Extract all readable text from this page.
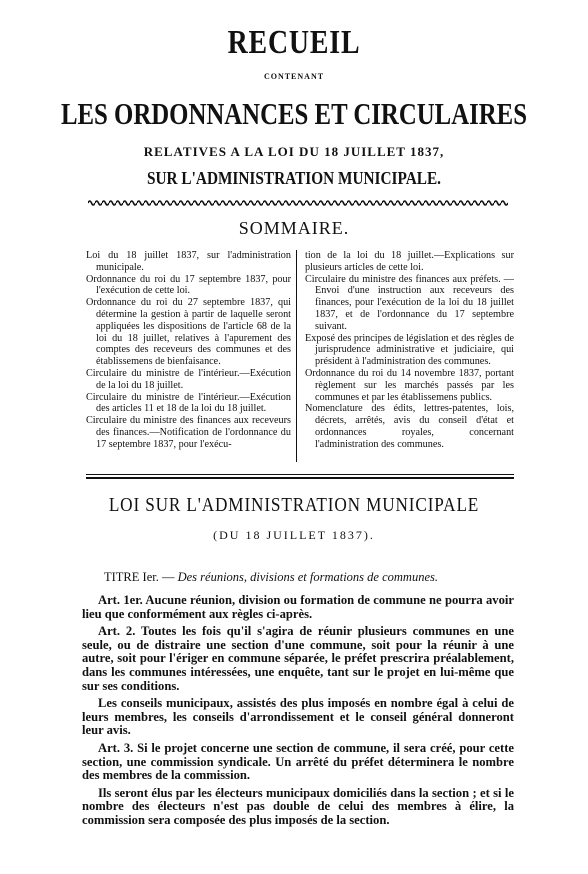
RECUEIL
CONTENANT
LES ORDONNANCES ET CIRCULAIRES
RELATIVES A LA LOI DU 18 JUILLET 1837,
SUR L'ADMINISTRATION MUNICIPALE.
SOMMAIRE.

Loi du 18 juillet 1837, sur l'administration municipale.

Ordonnance du roi du 17 septembre 1837, pour l'exécution de cette loi.

Ordonnance du roi du 27 septembre 1837, qui détermine la gestion à partir de laquelle seront appliquées les dispositions de l'article 68 de la loi du 18 juillet, relatives à l'apurement des comptes des receveurs des communes et des établissemens de bienfaisance.

Circulaire du ministre de l'intérieur.—Exécution de la loi du 18 juillet.

Circulaire du ministre de l'intérieur.—Exécution des articles 11 et 18 de la loi du 18 juillet.

Circulaire du ministre des finances aux receveurs des finances.—Notification de l'ordonnance du 17 septembre 1837, pour l'exécu-

tion de la loi du 18 juillet.—Explications sur plusieurs articles de cette loi.

Circulaire du ministre des finances aux préfets. —Envoi d'une instruction aux receveurs des finances, pour l'exécution de la loi du 18 juillet 1837, et de l'ordonnance du 17 septembre suivant.

Exposé des principes de législation et des règles de jurisprudence administrative et judiciaire, qui président à l'administration des communes.

Ordonnance du roi du 14 novembre 1837, portant règlement sur les marchés passés par les communes et par les établissemens publics.

Nomenclature des édits, lettres-patentes, lois, décrets, arrêtés, avis du conseil d'état et ordonnances royales, concernant l'administration des communes.

LOI SUR L'ADMINISTRATION MUNICIPALE
(DU 18 JUILLET 1837).
TITRE Ier. — Des réunions, divisions et formations de communes.

Art. 1er. Aucune réunion, division ou formation de commune ne pourra avoir lieu que conformément aux règles ci-après.

Art. 2. Toutes les fois qu'il s'agira de réunir plusieurs communes en une seule, ou de distraire une section d'une commune, soit pour la réunir à une autre, soit pour l'ériger en commune séparée, le préfet prescrira préalablement, dans les communes intéressées, une enquête, tant sur le projet en lui-même que sur ses conditions.

Les conseils municipaux, assistés des plus imposés en nombre égal à celui de leurs membres, les conseils d'arrondissement et le conseil général donneront leur avis.

Art. 3. Si le projet concerne une section de commune, il sera créé, pour cette section, une commission syndicale. Un arrêté du préfet déterminera le nombre des membres de la commission.

Ils seront élus par les électeurs municipaux domiciliés dans la section ; et si le nombre des électeurs n'est pas double de celui des membres à élire, la commission sera composée des plus imposés de la section.
